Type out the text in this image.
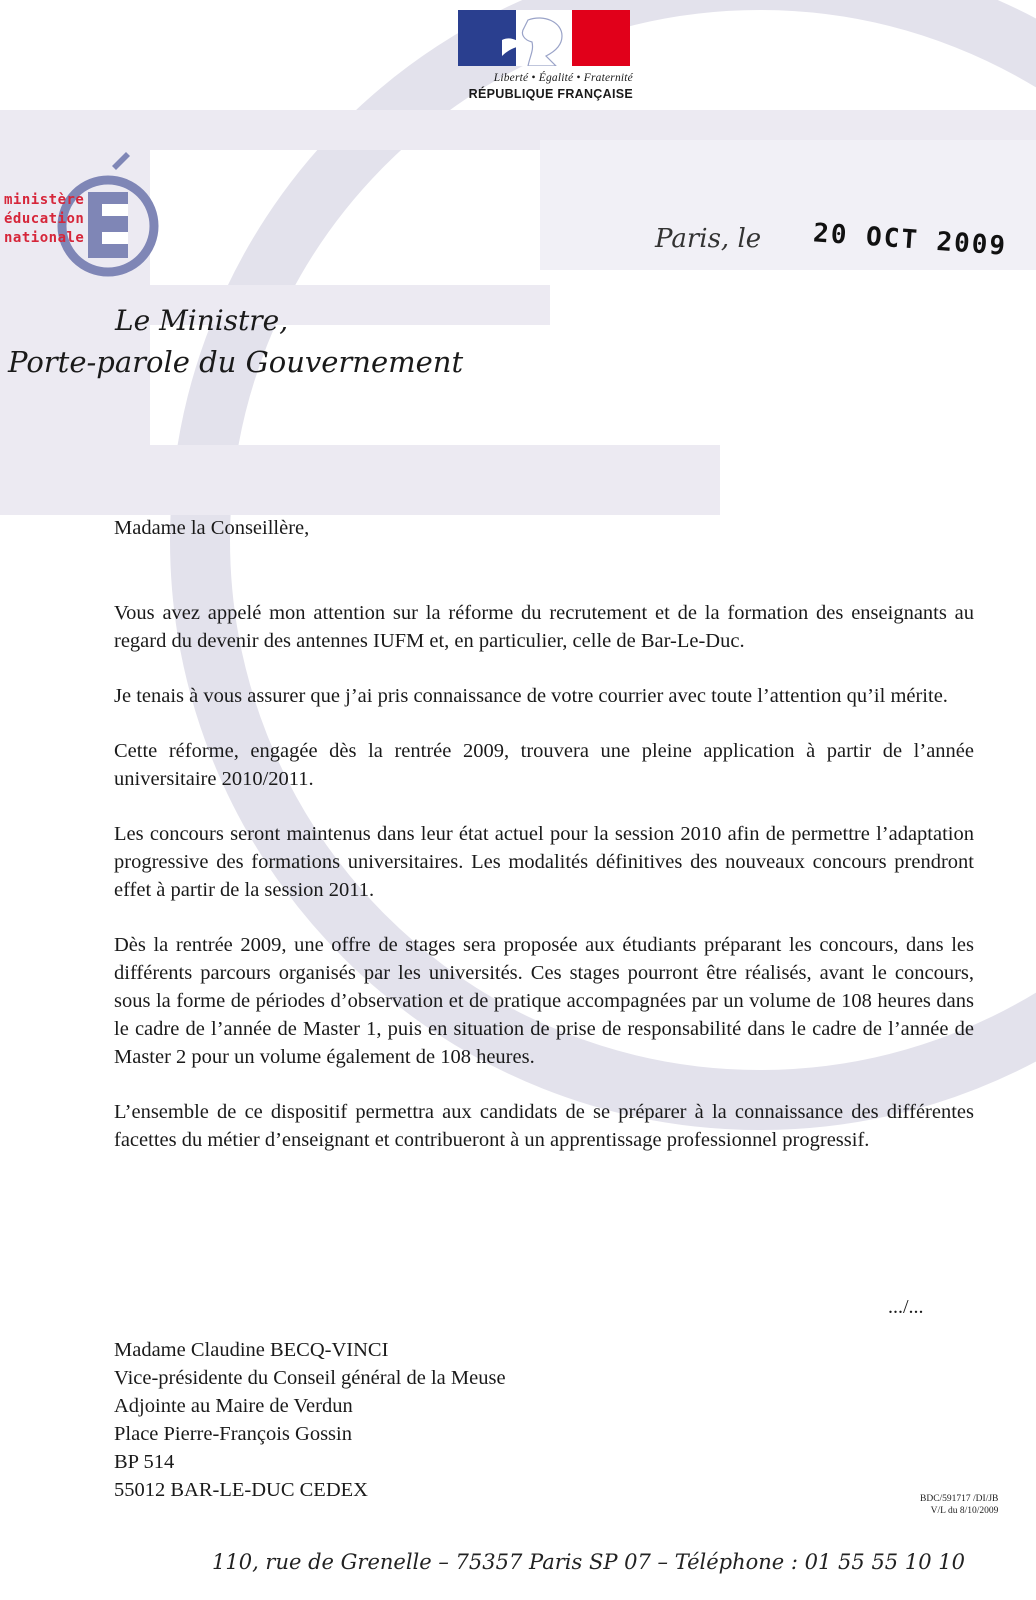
Liberté • Égalité • Fraternité
RÉPUBLIQUE FRANÇAISE
ministère
éducation
nationale	Paris, le 20 OCT 2009
Le Ministre,
Porte-parole du Gouvernement
Madame la Conseillère,

Vous avez appelé mon attention sur la réforme du recrutement et de la formation des enseignants au regard du devenir des antennes IUFM et, en particulier, celle de Bar-Le-Duc.

Je tenais à vous assurer que j’ai pris connaissance de votre courrier avec toute l’attention qu’il mérite.

Cette réforme, engagée dès la rentrée 2009, trouvera une pleine application à partir de l’année universitaire 2010/2011.

Les concours seront maintenus dans leur état actuel pour la session 2010 afin de permettre l’adaptation progressive des formations universitaires. Les modalités définitives des nouveaux concours prendront effet à partir de la session 2011.

Dès la rentrée 2009, une offre de stages sera proposée aux étudiants préparant les concours, dans les différents parcours organisés par les universités. Ces stages pourront être réalisés, avant le concours, sous la forme de périodes d’observation et de pratique accompagnées par un volume de 108 heures dans le cadre de l’année de Master 1, puis en situation de prise de responsabilité dans le cadre de l’année de Master 2 pour un volume également de 108 heures.

L’ensemble de ce dispositif permettra aux candidats de se préparer à la connaissance des différentes facettes du métier d’enseignant et contribueront à un apprentissage professionnel progressif.

.../...
Madame Claudine BECQ-VINCI
Vice-présidente du Conseil général de la Meuse
Adjointe au Maire de Verdun
Place Pierre-François Gossin
BP 514
55012 BAR-LE-DUC CEDEX	BDC/591717 /DI/JB
V/L du 8/10/2009
110, rue de Grenelle – 75357 Paris SP 07 – Téléphone : 01 55 55 10 10
